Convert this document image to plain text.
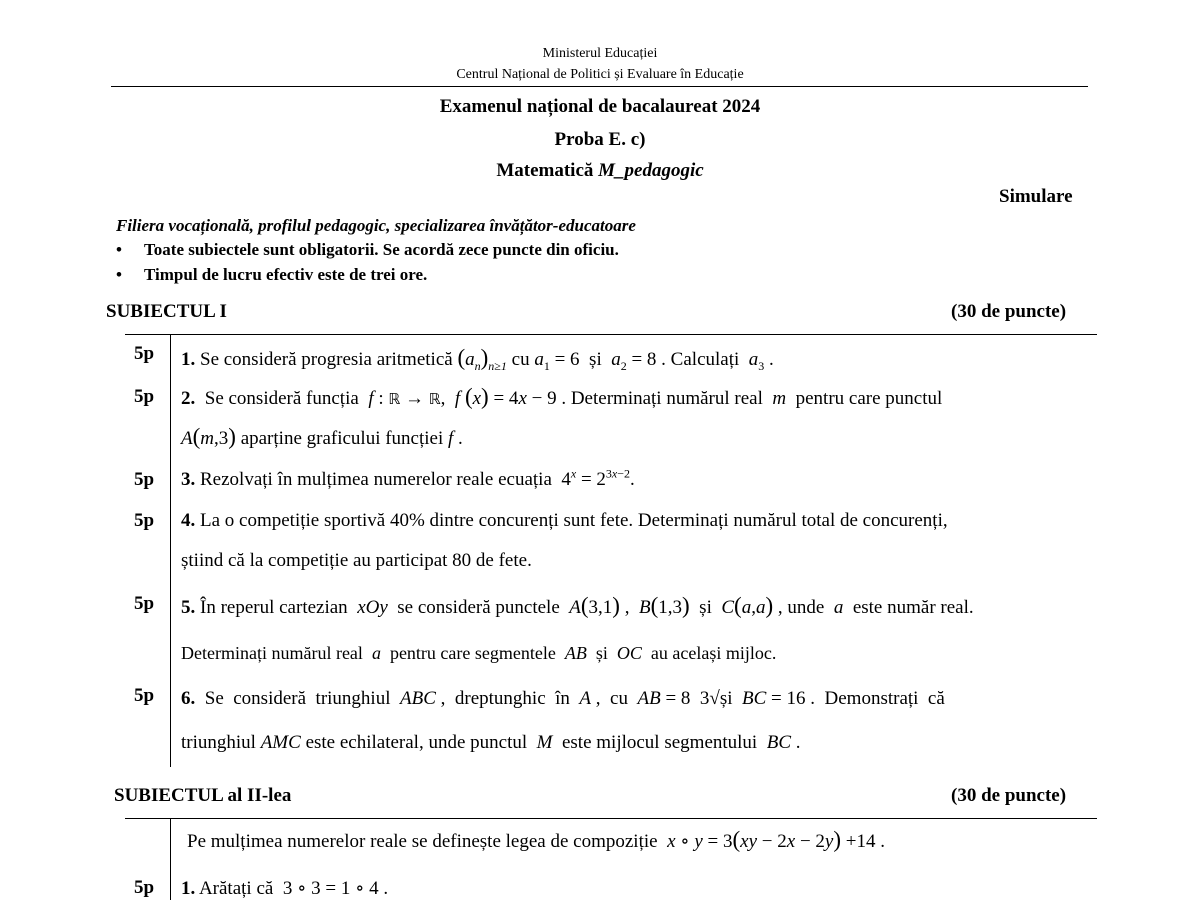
Ministerul Educației
Centrul Național de Politici și Evaluare în Educație
Examenul național de bacalaureat 2024
Proba E. c)
Matematică M_pedagogic
Simulare
Filiera vocațională, profilul pedagogic, specializarea învățător-educatoare
• Toate subiectele sunt obligatorii. Se acordă zece puncte din oficiu.
• Timpul de lucru efectiv este de trei ore.
SUBIECTUL I	(30 de puncte)
5p 1. Se consideră progresia aritmetică $(a_n)_{n\ge 1}$ cu $a_1 = 6$  și  $a_2 = 8$ . Calculați  $a_3$ .
5p 2.  Se consideră funcția  f : ℝ → ℝ,  f (x) = 4x − 9 . Determinați numărul real  m  pentru care punctul
A(m,3) aparține graficului funcției f .
5p 3. Rezolvați în mulțimea numerelor reale ecuația  $4^x = 2^{3x-2}$.
5p 4. La o competiție sportivă 40% dintre concurenți sunt fete. Determinați numărul total de concurenți,
știind că la competiție au participat 80 de fete.
5p 5. În reperul cartezian  xOy  se consideră punctele  A(3,1) ,  B(1,3)  și  C(a,a) , unde  a  este număr real.
Determinați numărul real  a  pentru care segmentele  AB  și  OC  au același mijloc.
5p 6.  Se  consideră  triunghiul  ABC ,  dreptunghic  în  A ,  cu  AB = 8  3√și  BC = 16 .  Demonstrați  că
triunghiul AMC este echilateral, unde punctul  M  este mijlocul segmentului  BC .
SUBIECTUL al II-lea	(30 de puncte)
Pe mulțimea numerelor reale se definește legea de compoziție  x ∘ y = 3(xy − 2x − 2y) +14 .
5p 1. Arătați că  3 ∘ 3 = 1 ∘ 4 .
